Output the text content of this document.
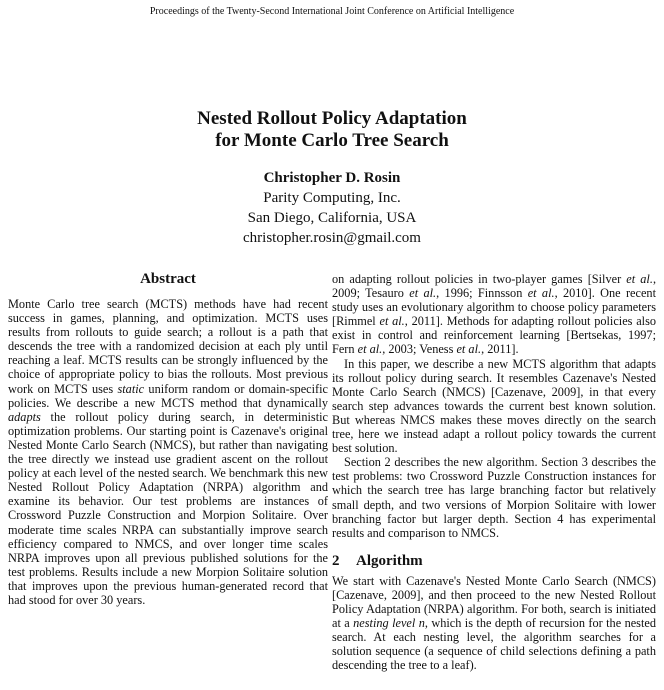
Proceedings of the Twenty-Second International Joint Conference on Artificial Intelligence
Nested Rollout Policy Adaptation
for Monte Carlo Tree Search
Christopher D. Rosin
Parity Computing, Inc.
San Diego, California, USA
christopher.rosin@gmail.com
Abstract

Monte Carlo tree search (MCTS) methods have had recent success in games, planning, and optimization. MCTS uses results from rollouts to guide search; a rollout is a path that descends the tree with a randomized decision at each ply until reaching a leaf. MCTS results can be strongly influenced by the choice of appropriate policy to bias the rollouts. Most previous work on MCTS uses static uniform random or domain-specific policies. We describe a new MCTS method that dynamically adapts the rollout policy during search, in deterministic optimization problems. Our starting point is Cazenave's original Nested Monte Carlo Search (NMCS), but rather than navigating the tree directly we instead use gradient ascent on the rollout policy at each level of the nested search. We benchmark this new Nested Rollout Policy Adaptation (NRPA) algorithm and examine its behavior. Our test problems are instances of Crossword Puzzle Construction and Morpion Solitaire. Over moderate time scales NRPA can substantially improve search efficiency compared to NMCS, and over longer time scales NRPA improves upon all previous published solutions for the test problems. Results include a new Morpion Solitaire solution that improves upon the previous human-generated record that had stood for over 30 years.

on adapting rollout policies in two-player games [Silver et al., 2009; Tesauro et al., 1996; Finnsson et al., 2010]. One recent study uses an evolutionary algorithm to choose policy parameters [Rimmel et al., 2011]. Methods for adapting rollout policies also exist in control and reinforcement learning [Bertsekas, 1997; Fern et al., 2003; Veness et al., 2011].

In this paper, we describe a new MCTS algorithm that adapts its rollout policy during search. It resembles Cazenave's Nested Monte Carlo Search (NMCS) [Cazenave, 2009], in that every search step advances towards the current best known solution. But whereas NMCS makes these moves directly on the search tree, here we instead adapt a rollout policy towards the current best solution.

Section 2 describes the new algorithm. Section 3 describes the test problems: two Crossword Puzzle Construction instances for which the search tree has large branching factor but relatively small depth, and two versions of Morpion Solitaire with lower branching factor but larger depth. Section 4 has experimental results and comparison to NMCS.

2 Algorithm

We start with Cazenave's Nested Monte Carlo Search (NMCS) [Cazenave, 2009], and then proceed to the new Nested Rollout Policy Adaptation (NRPA) algorithm. For both, search is initiated at a nesting level n, which is the depth of recursion for the nested search. At each nesting level, the algorithm searches for a solution sequence (a sequence of child selections defining a path descending the tree to a leaf).
